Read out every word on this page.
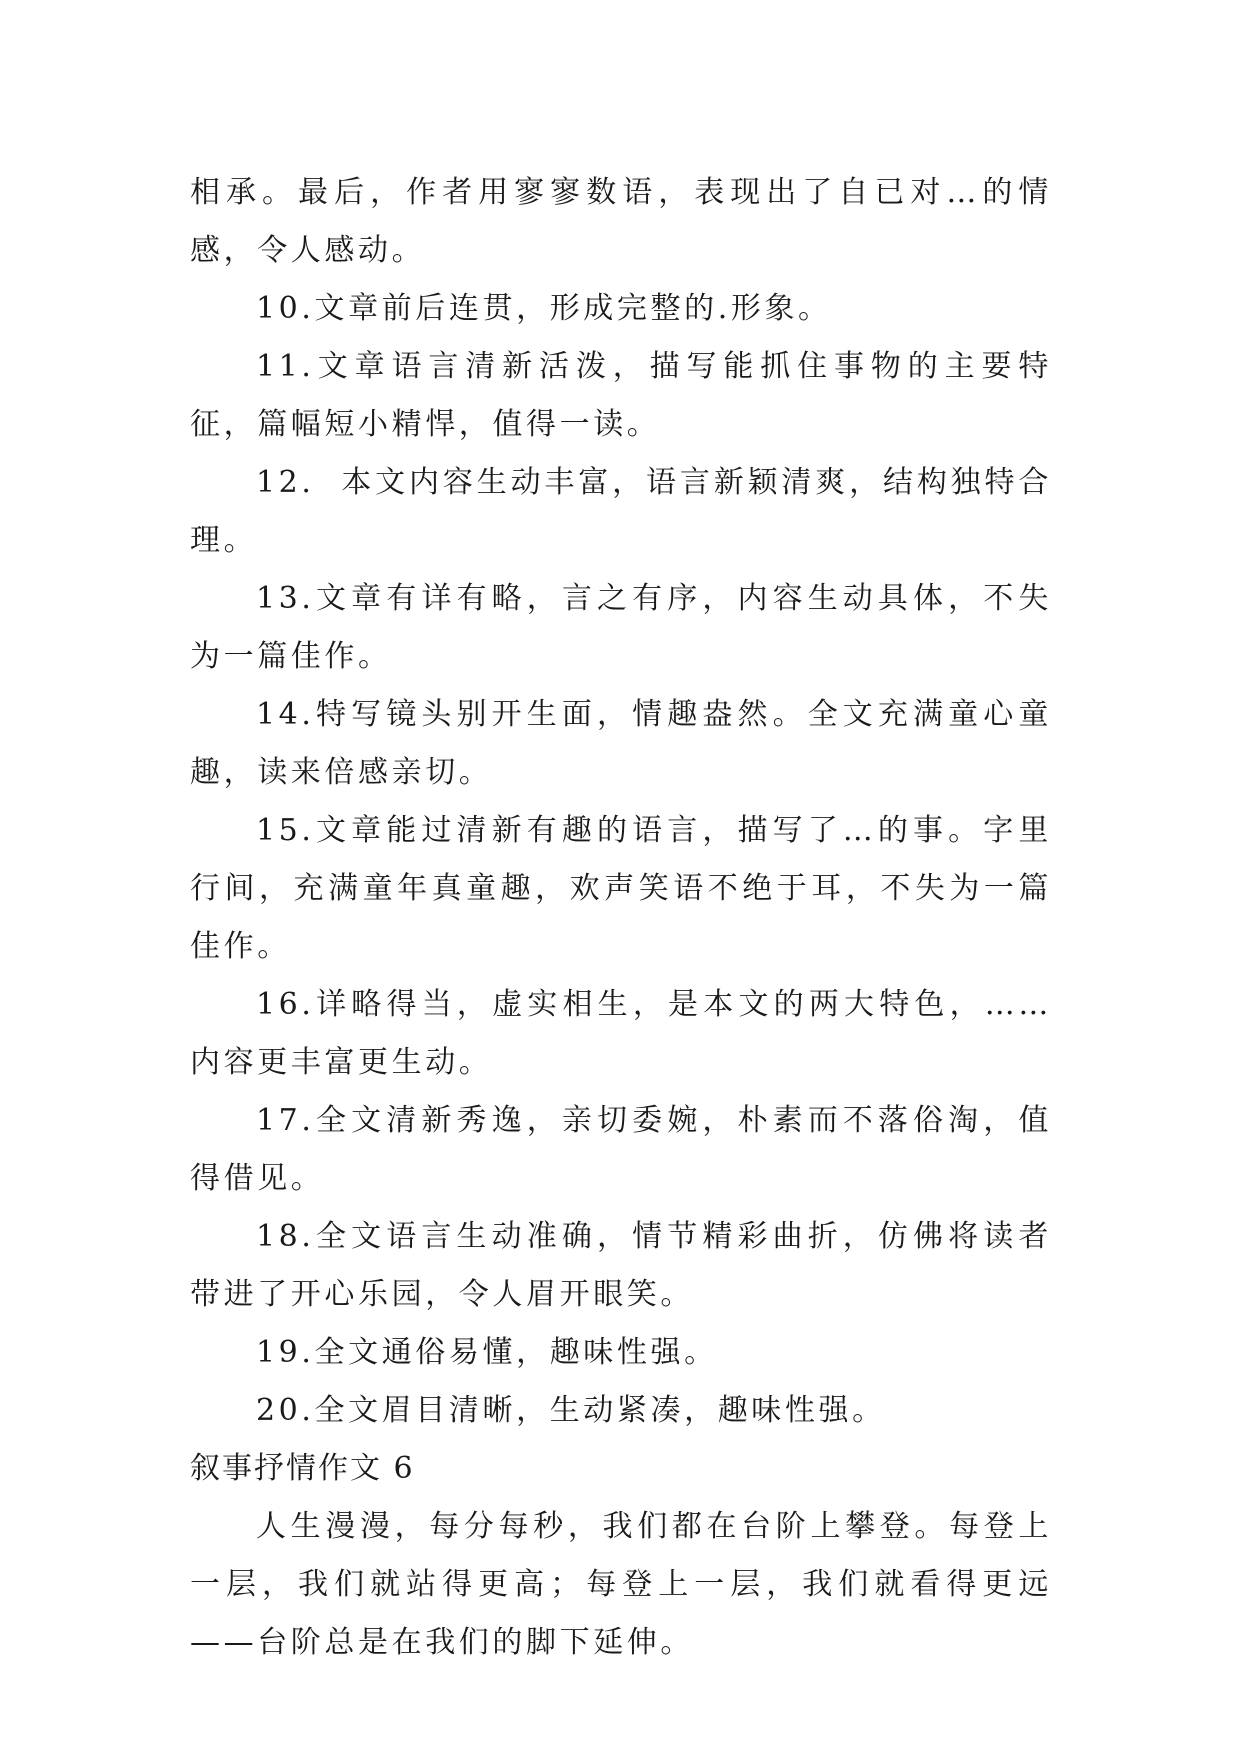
相承。最后，作者用寥寥数语，表现出了自已对…的情感，令人感动。

10.文章前后连贯，形成完整的.形象。

11.文章语言清新活泼，描写能抓住事物的主要特征，篇幅短小精悍，值得一读。

12.  本文内容生动丰富，语言新颖清爽，结构独特合理。

13.文章有详有略，言之有序，内容生动具体，不失为一篇佳作。

14.特写镜头别开生面，情趣盎然。全文充满童心童趣，读来倍感亲切。

15.文章能过清新有趣的语言，描写了…的事。字里行间，充满童年真童趣，欢声笑语不绝于耳，不失为一篇佳作。

16.详略得当，虚实相生，是本文的两大特色，……内容更丰富更生动。

17.全文清新秀逸，亲切委婉，朴素而不落俗淘，值得借见。

18.全文语言生动准确，情节精彩曲折，仿佛将读者带进了开心乐园，令人眉开眼笑。

19.全文通俗易懂，趣味性强。

20.全文眉目清晰，生动紧凑，趣味性强。

叙事抒情作文 6

人生漫漫，每分每秒，我们都在台阶上攀登。每登上一层，我们就站得更高；每登上一层，我们就看得更远——台阶总是在我们的脚下延伸。
